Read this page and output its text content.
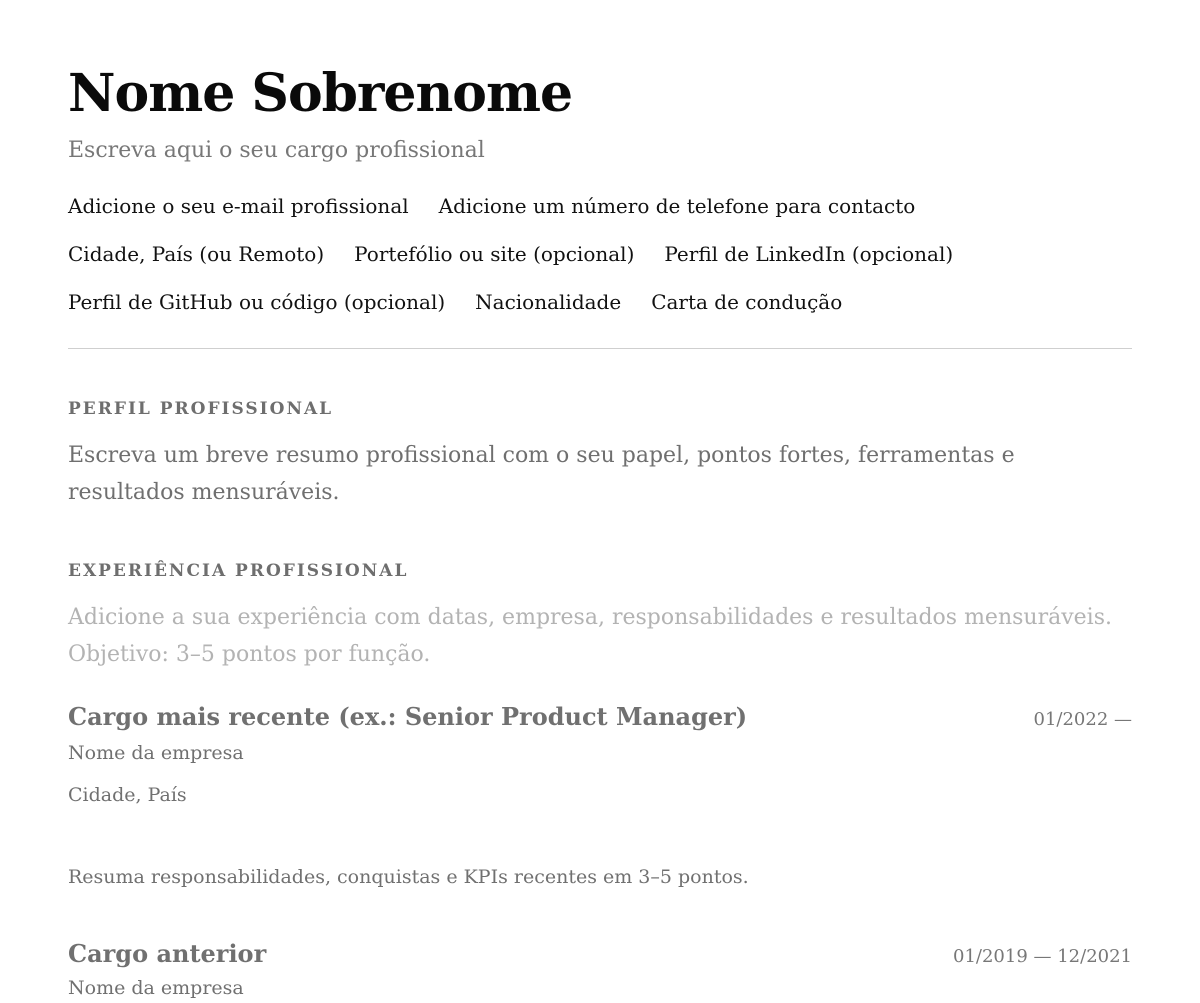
Nome Sobrenome
Escreva aqui o seu cargo profissional
Adicione o seu e-mail profissional Adicione um número de telefone para contacto
Cidade, País (ou Remoto) Portefólio ou site (opcional) Perfil de LinkedIn (opcional)
Perfil de GitHub ou código (opcional) Nacionalidade Carta de condução
PERFIL PROFISSIONAL
Escreva um breve resumo profissional com o seu papel, pontos fortes, ferramentas e resultados mensuráveis.
EXPERIÊNCIA PROFISSIONAL
Adicione a sua experiência com datas, empresa, responsabilidades e resultados mensuráveis. Objetivo: 3–5 pontos por função.
Cargo mais recente (ex.: Senior Product Manager)	01/2022 —
Nome da empresa
Cidade, País
Resuma responsabilidades, conquistas e KPIs recentes em 3–5 pontos.
Cargo anterior	01/2019 — 12/2021
Nome da empresa
